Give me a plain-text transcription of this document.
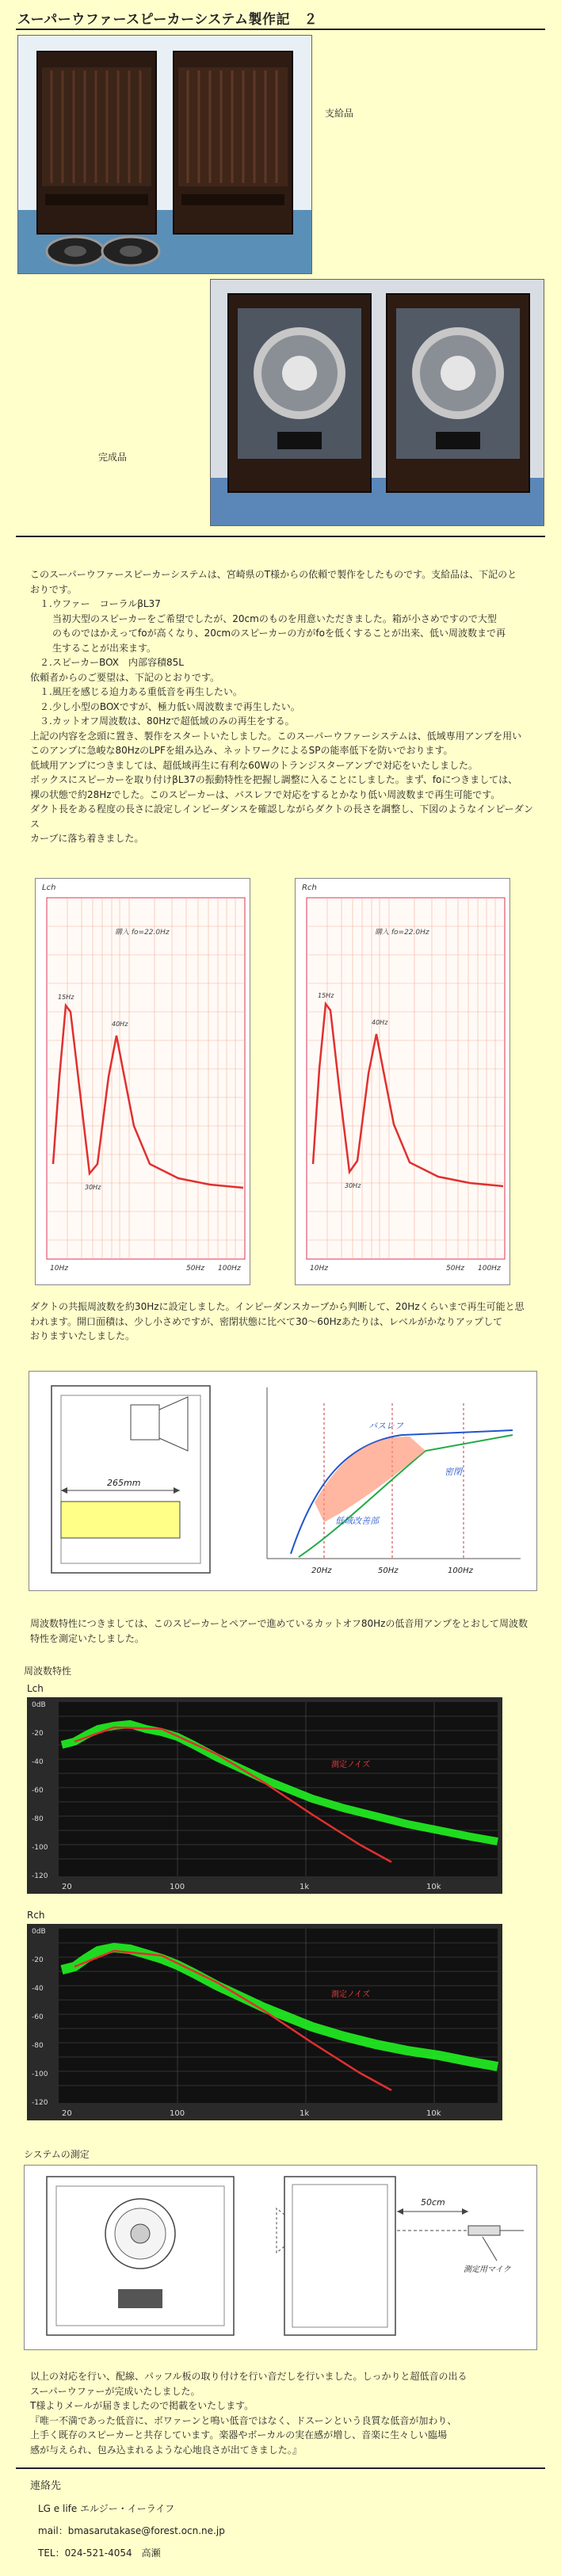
スーパーウファースピーカーシステム製作記　２
支給品
完成品

このスーパーウファースピーカーシステムは、宮崎県のT様からの依頼で製作をしたものです。支給品は、下記のと

おりです。

１.ウファー　コーラルβL37

当初大型のスピーカーをご希望でしたが、20cmのものを用意いただきました。箱が小さめですので大型

のものではかえってfoが高くなり、20cmのスピーカーの方がfoを低くすることが出来、低い周波数まで再

生することが出来ます。

２.スピーカーBOX　内部容積85L

依頼者からのご要望は、下記のとおりです。

１.風圧を感じる迫力ある重低音を再生したい。

２.少し小型のBOXですが、極力低い周波数まで再生したい。

３.カットオフ周波数は、80Hzで超低域のみの再生をする。

上記の内容を念頭に置き、製作をスタートいたしました。このスーパーウファーシステムは、低域専用アンプを用い

このアンプに急峻な80HzのLPFを組み込み、ネットワークによるSPの能率低下を防いでおります。

低域用アンプにつきましては、超低域再生に有利な60Wのトランジスターアンプで対応をいたしました。

ボックスにスピーカーを取り付けβL37の振動特性を把握し調整に入ることにしました。まず、foにつきましては、

裸の状態で約28Hzでした。このスピーカーは、バスレフで対応をするとかなり低い周波数まで再生可能です。

ダクト長をある程度の長さに設定しインピーダンスを確認しながらダクトの長さを調整し、下図のようなインピーダンス

カーブに落ち着きました。

Lch
購入 fo=22.0Hz
15Hz
40Hz
30Hz
10Hz	50Hz 100Hz
Rch
購入 fo=22.0Hz
15Hz
40Hz
30Hz
10Hz	50Hz 100Hz

ダクトの共振周波数を約30Hzに設定しました。インピーダンスカーブから判断して、20Hzくらいまで再生可能と思

われます。開口面積は、少し小さめですが、密閉状態に比べて30～60Hzあたりは、レベルがかなりアップして

おりますいたしました。

265mm
バスレフ
密閉
低域改善部
20Hz	50Hz	100Hz

周波数特性につきましては、このスピーカーとペアーで進めているカットオフ80Hzの低音用アンプをとおして周波数

特性を測定いたしました。

周波数特性
Lch
測定ノイズ
0dB
-20
-40
-60
-80
-100
-120
20	100	1k	10k
Rch
測定ノイズ
0dB
-20
-40
-60
-80
-100
-120
20	100	1k	10k
システムの測定
50cm
測定用マイク

以上の対応を行い、配線、パッフル板の取り付けを行い音だしを行いました。しっかりと超低音の出る

スーパーウファーが完成いたしました。

T様よりメールが届きましたので掲載をいたします。

『唯一不満であった低音に、ボワァーンと鳴い低音ではなく、ドスーンという良質な低音が加わり、

上手く既存のスピーカーと共存しています。楽器やボーカルの実在感が増し、音楽に生々しい臨場

感が与えられ、包み込まれるような心地良さが出てきました。』

連絡先
LG e life エルジー・イーライフ
mail：bmasarutakase@forest.ocn.ne.jp
TEL：024-521-4054　高瀬
